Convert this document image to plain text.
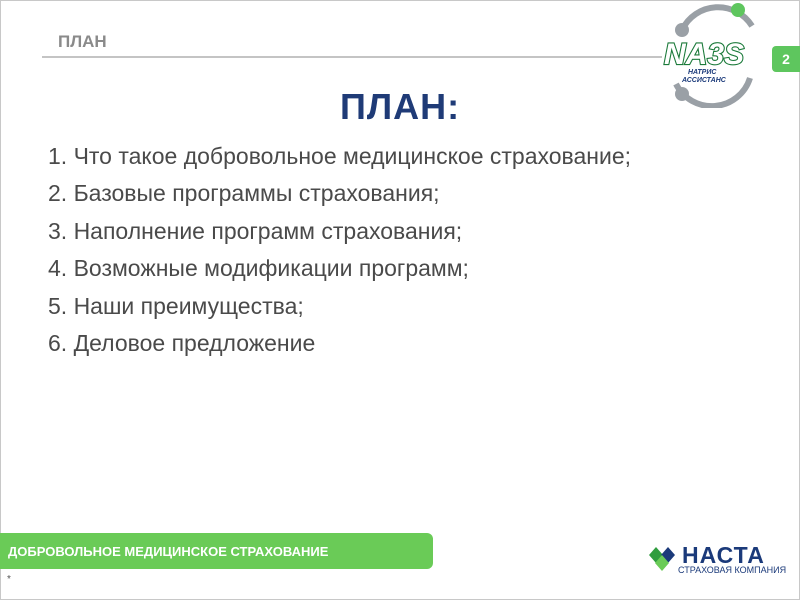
ПЛАН	NA3S
НАТРИС
АССИСТАНС
2
ПЛАН:
1. Что такое добровольное медицинское страхование;
2. Базовые программы страхования;
3. Наполнение программ страхования;
4. Возможные модификации программ;
5. Наши преимущества;
6. Деловое предложение
ДОБРОВОЛЬНОЕ МЕДИЦИНСКОЕ СТРАХОВАНИЕ	НАСТА
СТРАХОВАЯ КОМПАНИЯ
*
